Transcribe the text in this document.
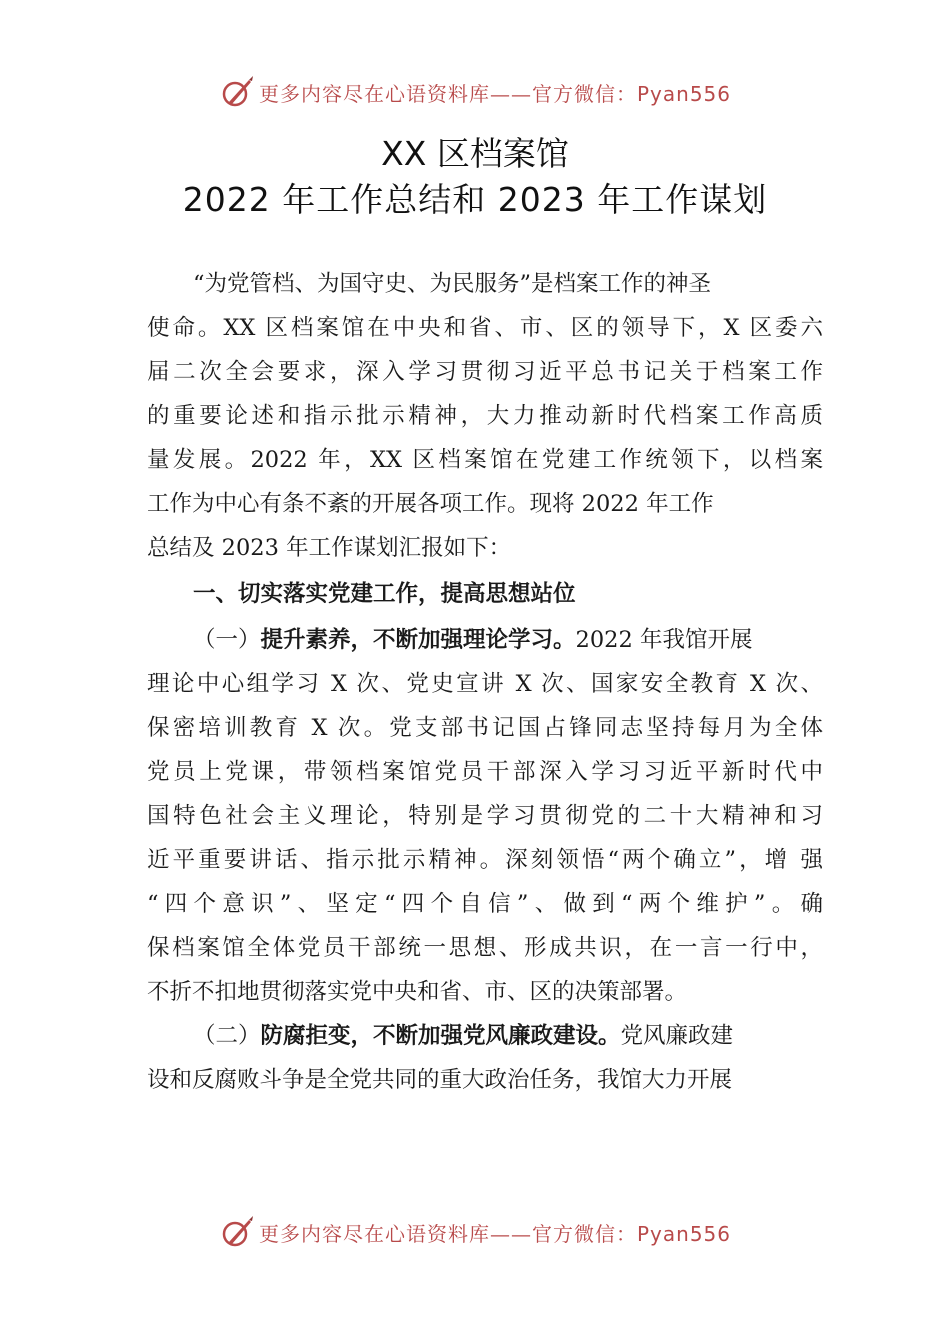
更多内容尽在心语资料库——官方微信：Pyan556
XX 区档案馆
2022 年工作总结和 2023 年工作谋划
“为党管档、为国守史、为民服务”是档案工作的神圣
使命。XX 区档案馆在中央和省、市、区的领导下，X 区委六
届二次全会要求，深入学习贯彻习近平总书记关于档案工作
的重要论述和指示批示精神，大力推动新时代档案工作高质
量发展。2022 年，XX 区档案馆在党建工作统领下，以档案
工作为中心有条不紊的开展各项工作。现将 2022 年工作
总结及 2023 年工作谋划汇报如下：
一、切实落实党建工作，提高思想站位
（一）提升素养，不断加强理论学习。2022 年我馆开展
理论中心组学习 X 次、党史宣讲 X 次、国家安全教育 X 次、
保密培训教育 X 次。党支部书记国占锋同志坚持每月为全体
党员上党课，带领档案馆党员干部深入学习习近平新时代中
国特色社会主义理论，特别是学习贯彻党的二十大精神和习
近平重要讲话、指示批示精神。深刻领悟“两个确立”，增 强
“四个意识”、坚定“四个自信”、做到“两个维护”。确
保档案馆全体党员干部统一思想、形成共识，在一言一行中，
不折不扣地贯彻落实党中央和省、市、区的决策部署。
（二）防腐拒变，不断加强党风廉政建设。党风廉政建
设和反腐败斗争是全党共同的重大政治任务，我馆大力开展
更多内容尽在心语资料库——官方微信：Pyan556
